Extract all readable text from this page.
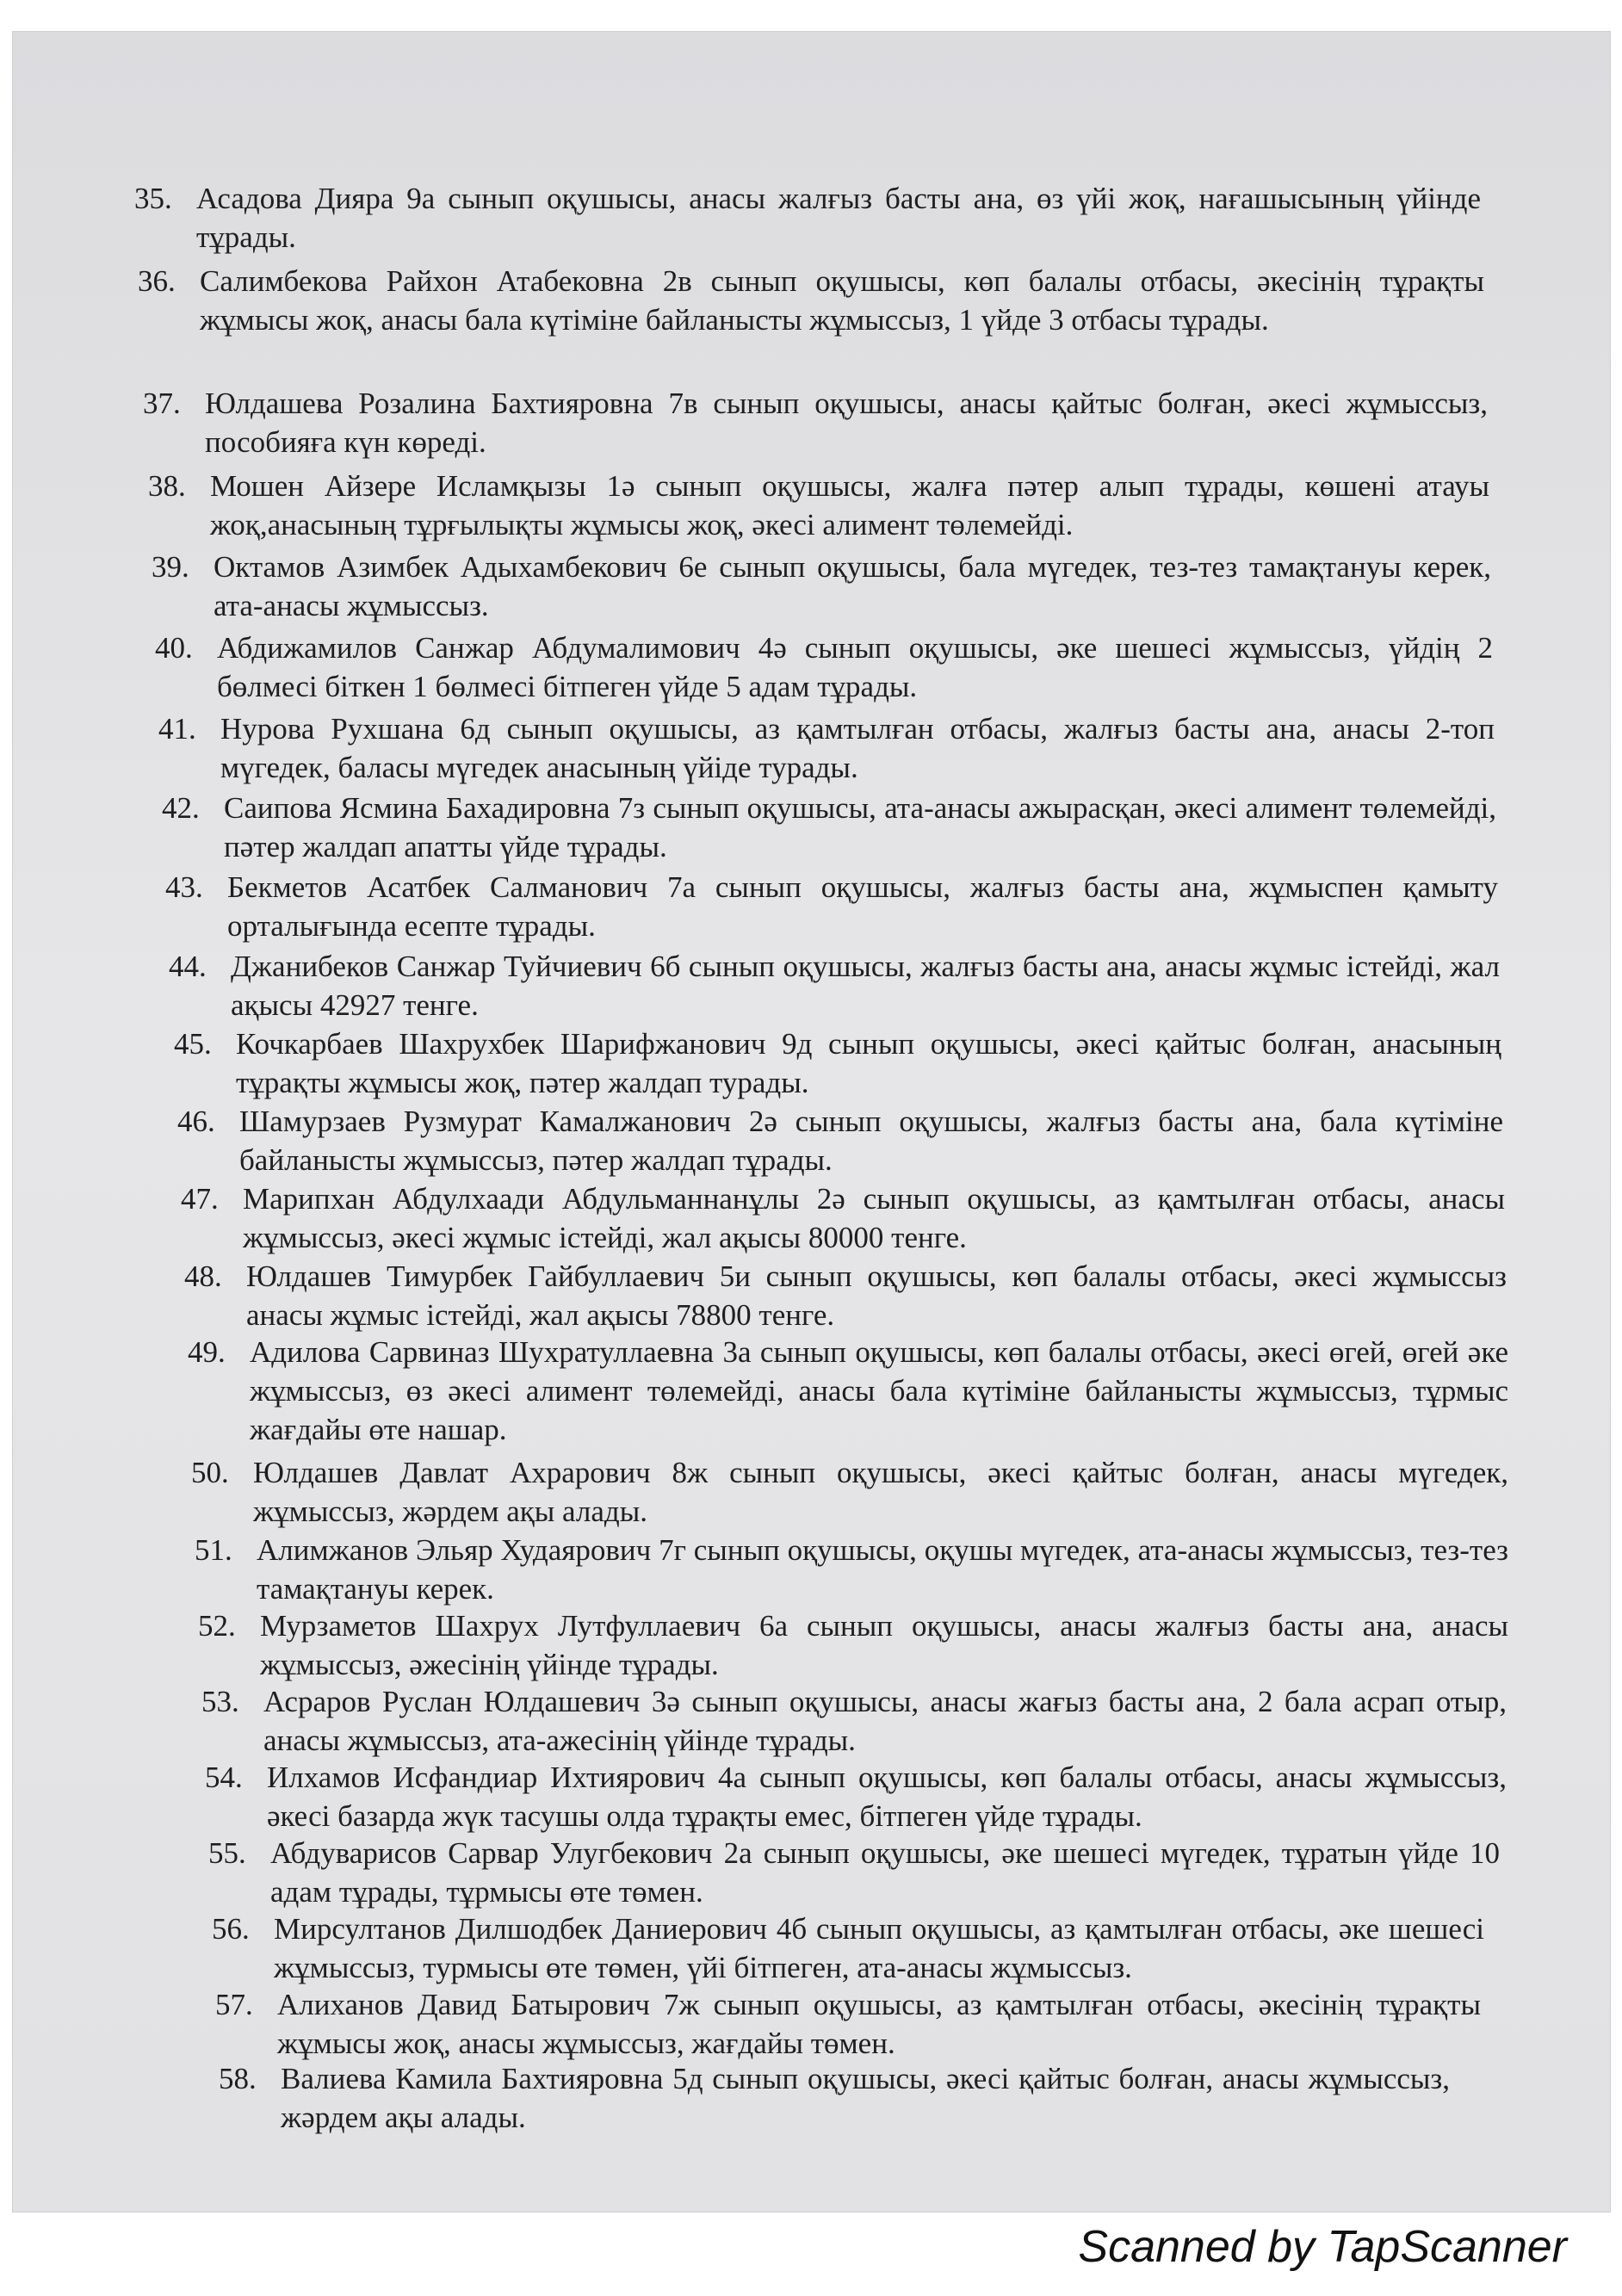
35. Асадова Дияра 9а сынып оқушысы, анасы жалғыз басты ана, өз үйі жоқ, нағашысының үйінде тұрады.
36. Салимбекова Райхон Атабековна 2в сынып оқушысы, көп балалы отбасы, әкесінің тұрақты жұмысы жоқ, анасы бала күтіміне байланысты жұмыссыз, 1 үйде 3 отбасы тұрады.
37. Юлдашева Розалина Бахтияровна 7в сынып оқушысы, анасы қайтыс болған, әкесі жұмыссыз, пособияға күн көреді.
38. Мошен Айзере Исламқызы 1ә сынып оқушысы, жалға пәтер алып тұрады, көшені атауы жоқ,анасының тұрғылықты жұмысы жоқ, әкесі алимент төлемейді.
39. Октамов Азимбек Адыхамбекович 6е сынып оқушысы, бала мүгедек, тез-тез тамақтануы керек, ата-анасы жұмыссыз.
40. Абдижамилов Санжар Абдумалимович 4ә сынып оқушысы, әке шешесі жұмыссыз, үйдің 2 бөлмесі біткен 1 бөлмесі бітпеген үйде 5 адам тұрады.
41. Нурова Рухшана 6д сынып оқушысы, аз қамтылған отбасы, жалғыз басты ана, анасы 2-топ мүгедек, баласы мүгедек анасының үйіде турады.
42. Саипова Ясмина Бахадировна 7з сынып оқушысы, ата-анасы ажырасқан, әкесі алимент төлемейді, пәтер жалдап апатты үйде тұрады.
43. Бекметов Асатбек Салманович 7а сынып оқушысы, жалғыз басты ана, жұмыспен қамыту орталығында есепте тұрады.
44. Джанибеков Санжар Туйчиевич 6б сынып оқушысы, жалғыз басты ана, анасы жұмыс істейді, жал ақысы 42927 тенге.
45. Кочкарбаев Шахрухбек Шарифжанович 9д сынып оқушысы, әкесі қайтыс болған, анасының тұрақты жұмысы жоқ, пәтер жалдап турады.
46. Шамурзаев Рузмурат Камалжанович 2ә сынып оқушысы, жалғыз басты ана, бала күтіміне байланысты жұмыссыз, пәтер жалдап тұрады.
47. Марипхан Абдулхаади Абдульманнанұлы 2ә сынып оқушысы, аз қамтылған отбасы, анасы жұмыссыз, әкесі жұмыс істейді, жал ақысы 80000 тенге.
48. Юлдашев Тимурбек Гайбуллаевич 5и сынып оқушысы, көп балалы отбасы, әкесі жұмыссыз анасы жұмыс істейді, жал ақысы 78800 тенге.
49. Адилова Сарвиназ Шухратуллаевна 3а сынып оқушысы, көп балалы отбасы, әкесі өгей, өгей әке жұмыссыз, өз әкесі алимент төлемейді, анасы бала күтіміне байланысты жұмыссыз, тұрмыс жағдайы өте нашар.
50. Юлдашев Давлат Ахрарович 8ж сынып оқушысы, әкесі қайтыс болған, анасы мүгедек, жұмыссыз, жәрдем ақы алады.
51. Алимжанов Эльяр Худаярович 7г сынып оқушысы, оқушы мүгедек, ата-анасы жұмыссыз, тез-тез тамақтануы керек.
52. Мурзаметов Шахрух Лутфуллаевич 6а сынып оқушысы, анасы жалғыз басты ана, анасы жұмыссыз, әжесінің үйінде тұрады.
53. Асраров Руслан Юлдашевич 3ә сынып оқушысы, анасы жағыз басты ана, 2 бала асрап отыр, анасы жұмыссыз, ата-ажесінің үйінде тұрады.
54. Илхамов Исфандиар Ихтиярович 4а сынып оқушысы, көп балалы отбасы, анасы жұмыссыз, әкесі базарда жүк тасушы олда тұрақты емес, бітпеген үйде тұрады.
55. Абдуварисов Сарвар Улугбекович 2а сынып оқушысы, әке шешесі мүгедек, тұратын үйде 10 адам тұрады, тұрмысы өте төмен.
56. Мирсултанов Дилшодбек Даниерович 4б сынып оқушысы, аз қамтылған отбасы, әке шешесі жұмыссыз, турмысы өте төмен, үйі бітпеген, ата-анасы жұмыссыз.
57. Алиханов Давид Батырович 7ж сынып оқушысы, аз қамтылған отбасы, әкесінің тұрақты жұмысы жоқ, анасы жұмыссыз, жағдайы төмен.
58. Валиева Камила Бахтияровна 5д сынып оқушысы, әкесі қайтыс болған, анасы жұмыссыз, жәрдем ақы алады.
Scanned by TapScanner
